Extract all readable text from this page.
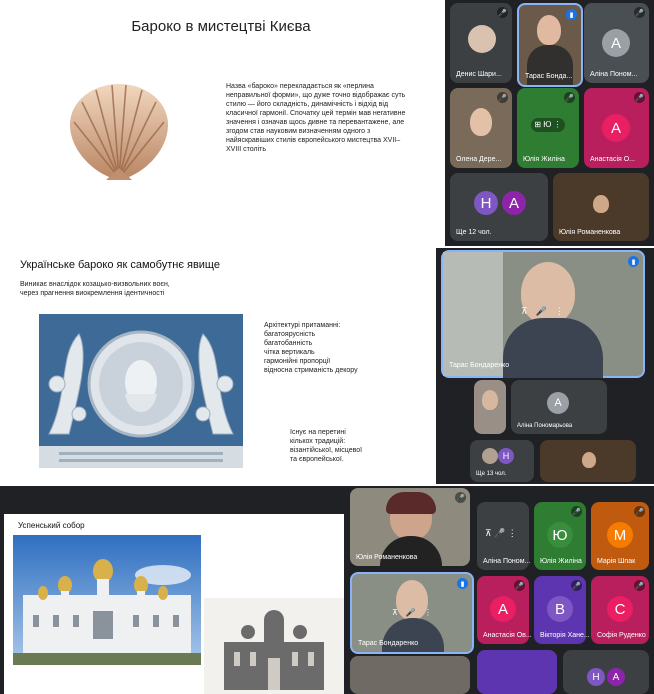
Бароко в мистецтві Києва
Назва «бароко» перекладається як «перлина неправильної форми», що дуже точно відображає суть стилю — його складність, динамічність і відхід від класичної гармонії. Спочатку цей термін мав негативне значення і означав щось дивне та перевантажене, але згодом став науковим визначенням одного з найяскравіших стилів європейського мистецтва XVII–XVIII століть
🎤
Денис Шари...
▮
Тарас Бонда...
А
🎤
Аліна Поном...
🎤
Олена Дере...
⊞ Ю ⋮
🎤
Юлія Жиліна
А
🎤
Анастасія О...
Н	А
Ще 12 чол.	Юлія Романенкова
Українське бароко як самобутнє явище
Виникає внаслідок козацько-визвольних воєн, через прагнення виокремлення ідентичності
Архітектурі притаманні:
багатоярусність
багатобанність
чітка вертикаль
гармонійні пропорції
відносна стриманість декору
Існує на перетині кількох традицій: візантійської, місцевої та європейської.
⊼ 🎤 ⋮
▮
Тарас Бондаренко
А
Аліна Пономарьова
Н
Ще 13 чол.
Успенський собор
🎤
Юлія Романенкова
⊼ 🎤 ⋮
▮
Тарас Бондаренко
⊼ 🎤 ⋮
Аліна Поном...
Ю
🎤
Юлія Жиліна
М
🎤
Марія Шпак
А
🎤
Анастасія Ов...
В
🎤
Вікторія Хане...
С
🎤
Софія Руденко
Н	А
